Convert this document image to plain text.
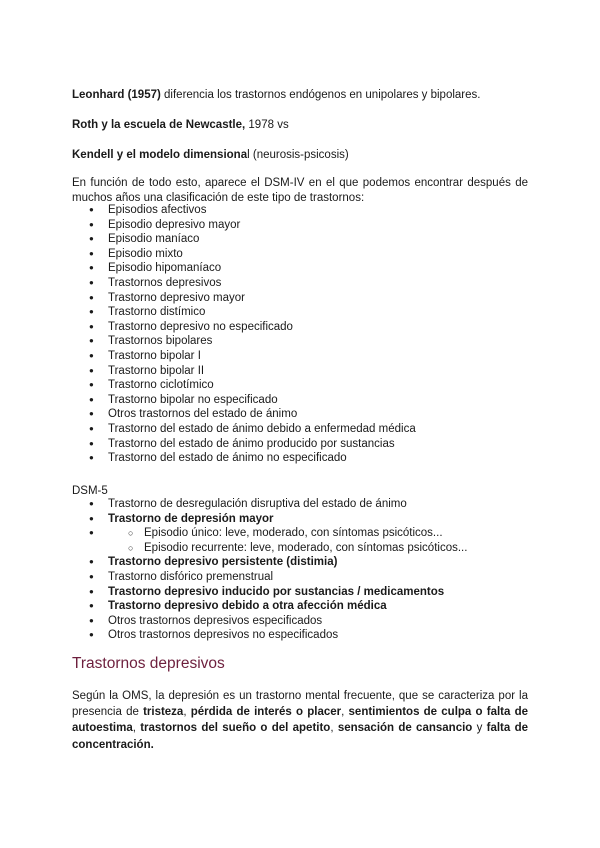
Leonhard (1957) diferencia los trastornos endógenos en unipolares y bipolares.

Roth y la escuela de Newcastle, 1978 vs

Kendell y el modelo dimensional (neurosis-psicosis)

En función de todo esto, aparece el DSM-IV en el que podemos encontrar después de muchos años una clasificación de este tipo de trastornos:

● Episodios afectivos
● Episodio depresivo mayor
● Episodio maníaco
● Episodio mixto
● Episodio hipomaníaco
● Trastornos depresivos
● Trastorno depresivo mayor
● Trastorno distímico
● Trastorno depresivo no especificado
● Trastornos bipolares
● Trastorno bipolar I
● Trastorno bipolar II
● Trastorno ciclotímico
● Trastorno bipolar no especificado
● Otros trastornos del estado de ánimo
● Trastorno del estado de ánimo debido a enfermedad médica
● Trastorno del estado de ánimo producido por sustancias
● Trastorno del estado de ánimo no especificado

DSM-5

● Trastorno de desregulación disruptiva del estado de ánimo
● Trastorno de depresión mayor
○ ● Episodio único: leve, moderado, con síntomas psicóticos...
○ Episodio recurrente: leve, moderado, con síntomas psicóticos...
● Trastorno depresivo persistente (distimia)
● Trastorno disfórico premenstrual
● Trastorno depresivo inducido por sustancias / medicamentos
● Trastorno depresivo debido a otra afección médica
● Otros trastornos depresivos especificados
● Otros trastornos depresivos no especificados
Trastornos depresivos

Según la OMS, la depresión es un trastorno mental frecuente, que se caracteriza por la presencia de tristeza, pérdida de interés o placer, sentimientos de culpa o falta de autoestima, trastornos del sueño o del apetito, sensación de cansancio y falta de concentración.
